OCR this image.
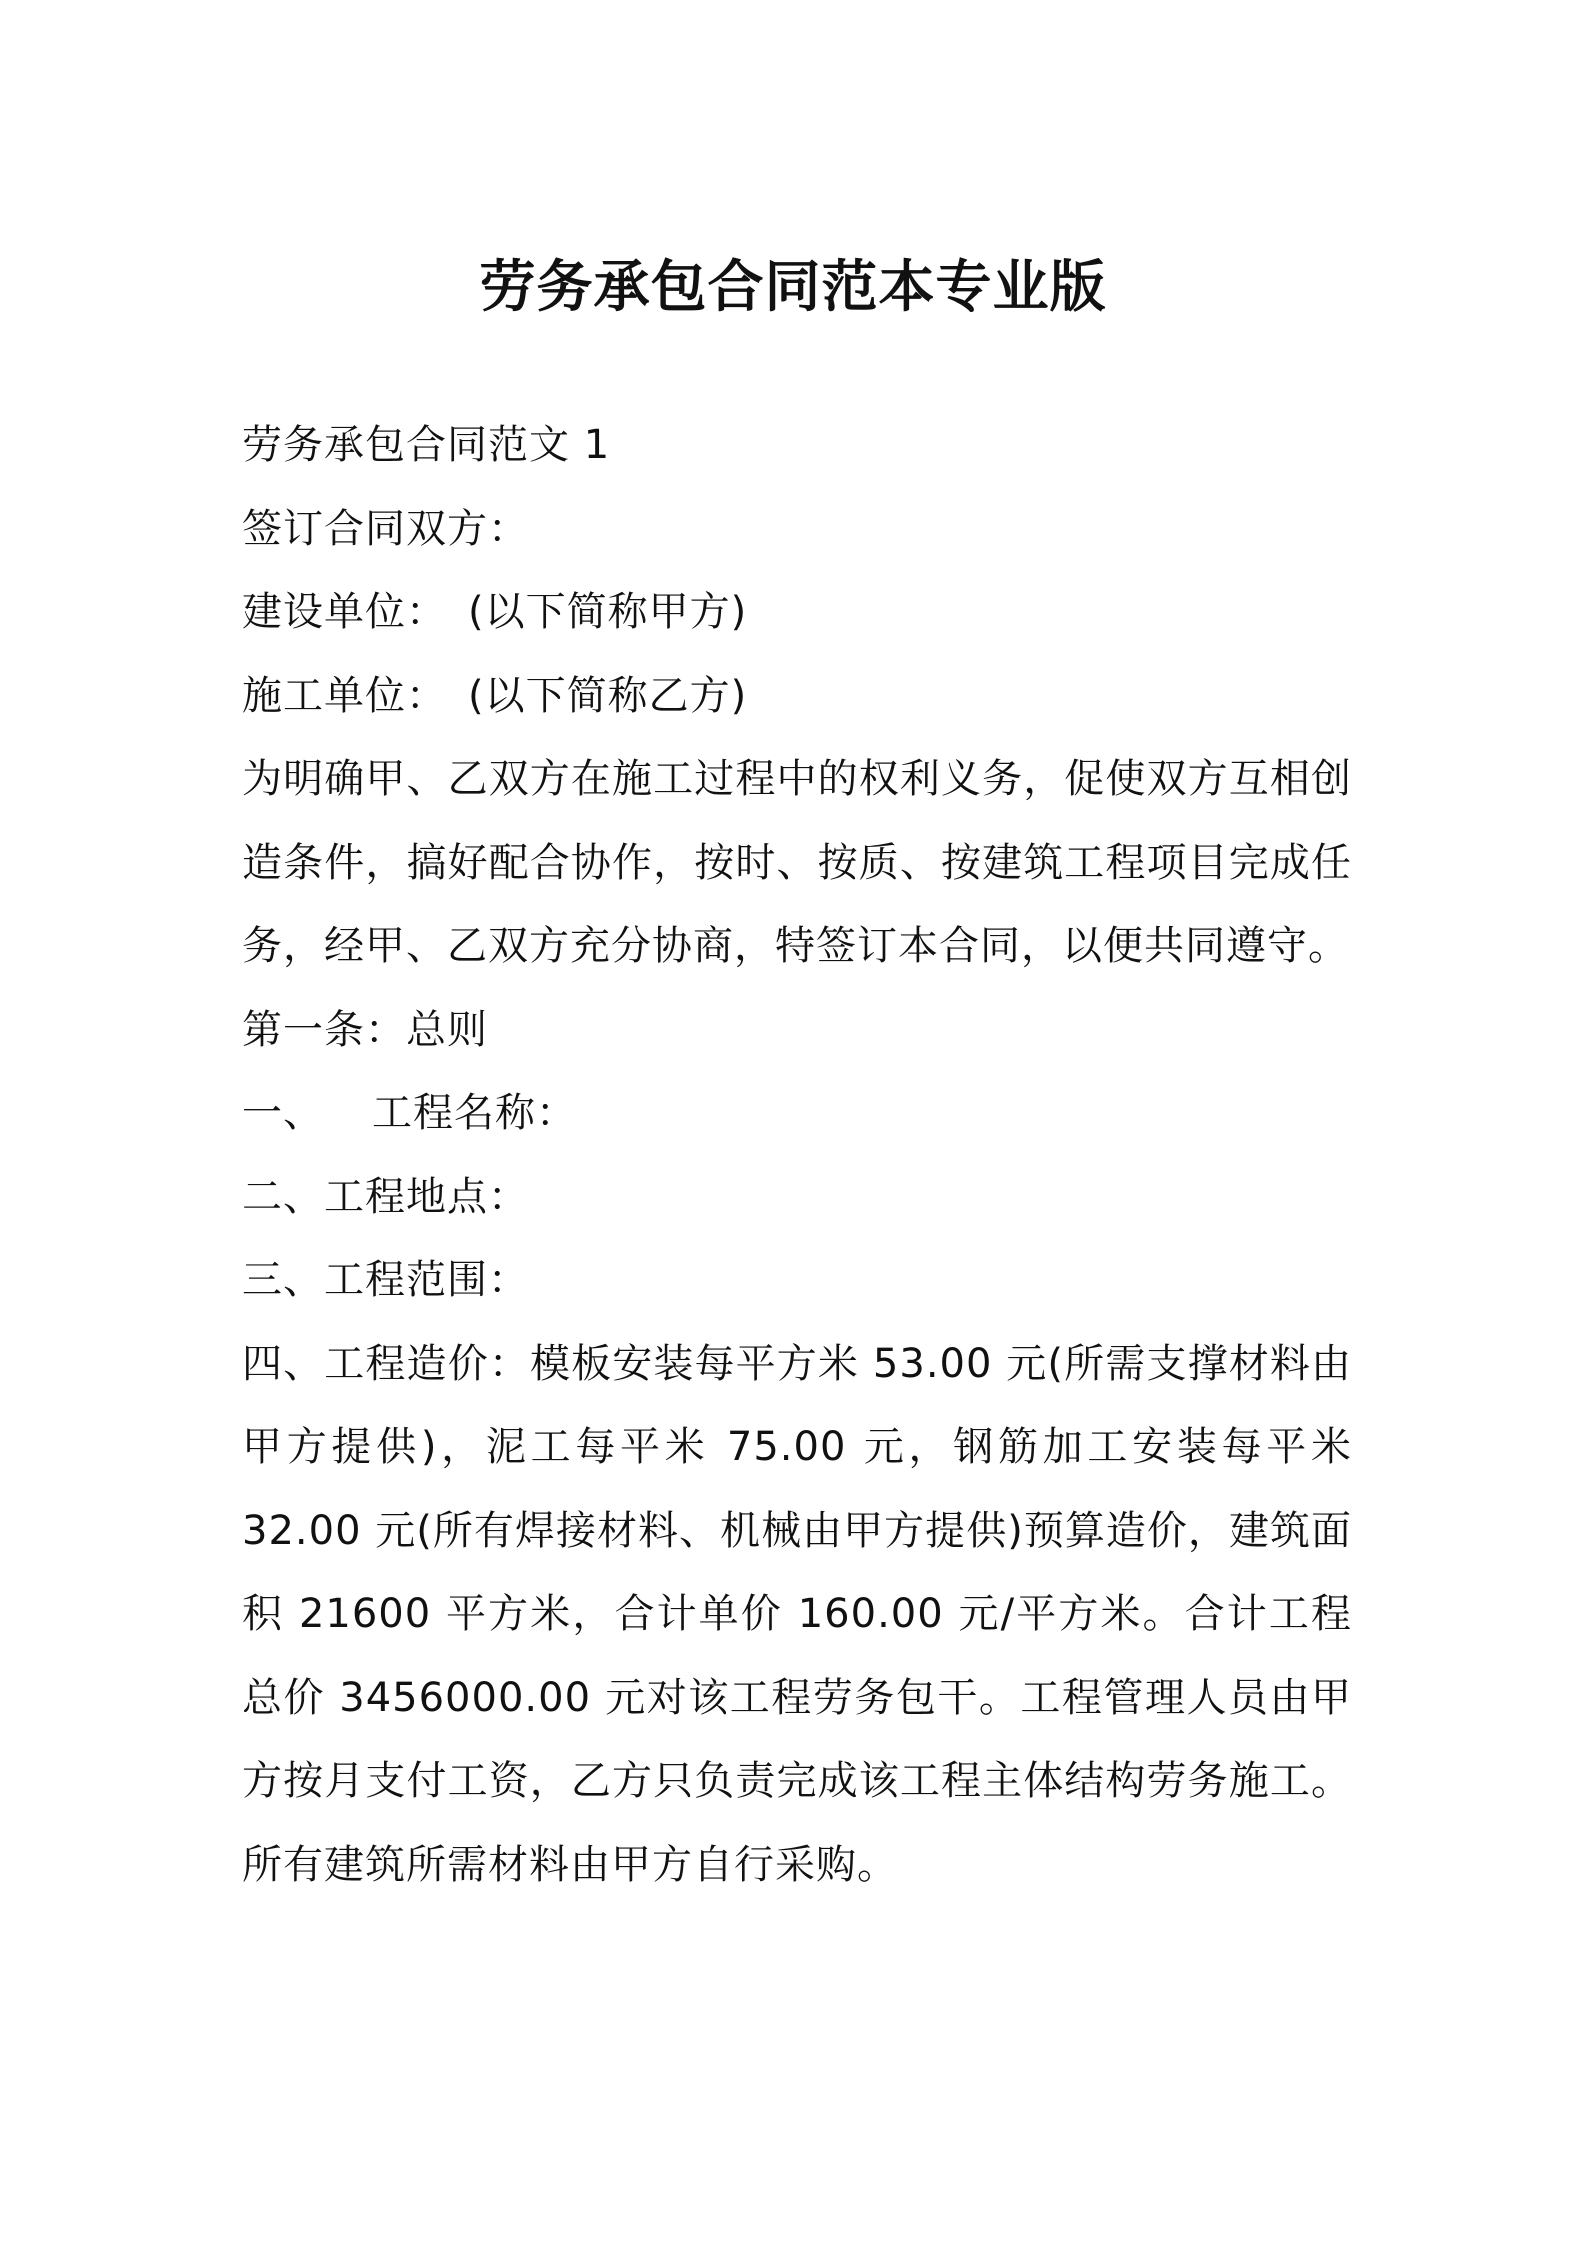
劳务承包合同范本专业版

劳务承包合同范文 1

签订合同双方：

建设单位：　(以下简称甲方)

施工单位：　(以下简称乙方)

为明确甲、乙双方在施工过程中的权利义务，促使双方互相创造条件，搞好配合协作，按时、按质、按建筑工程项目完成任务，经甲、乙双方充分协商，特签订本合同，以便共同遵守。

第一条：总则

一、 工程名称：

二、工程地点：

三、工程范围：

四、工程造价：模板安装每平方米 53.00 元(所需支撑材料由甲方提供)，泥工每平米 75.00 元，钢筋加工安装每平米 32.00 元(所有焊接材料、机械由甲方提供)预算造价，建筑面积 21600 平方米，合计单价 160.00 元/平方米。合计工程总价 3456000.00 元对该工程劳务包干。工程管理人员由甲方按月支付工资，乙方只负责完成该工程主体结构劳务施工。所有建筑所需材料由甲方自行采购。
